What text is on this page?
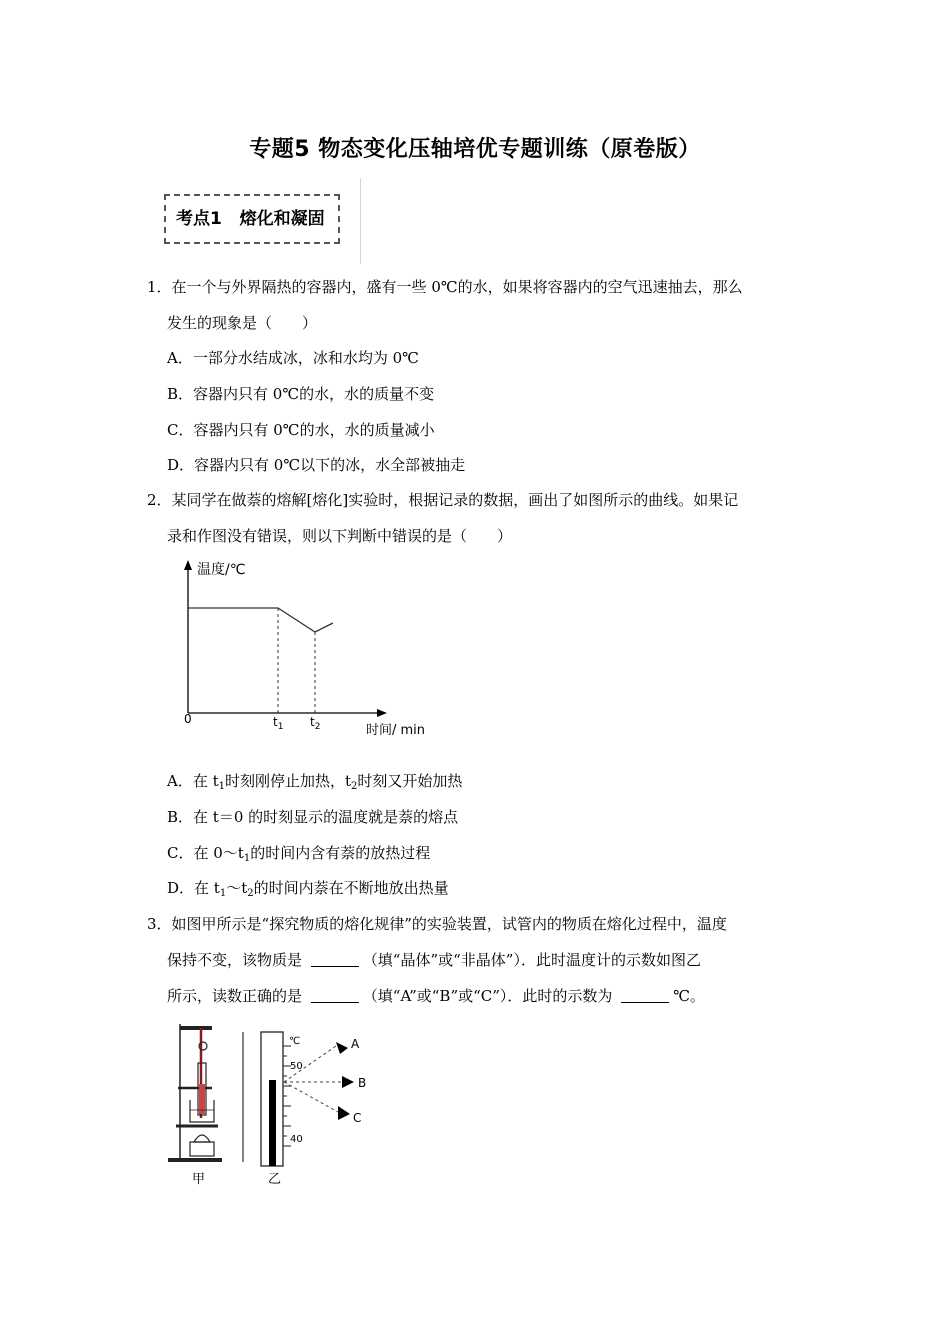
专题5 物态变化压轴培优专题训练（原卷版）
考点1 熔化和凝固
1．在一个与外界隔热的容器内，盛有一些 0℃的水，如果将容器内的空气迅速抽去，那么
发生的现象是（　　）
A．一部分水结成冰，冰和水均为 0℃
B．容器内只有 0℃的水，水的质量不变
C．容器内只有 0℃的水，水的质量减小
D．容器内只有 0℃以下的冰，水全部被抽走
2．某同学在做萘的熔解[熔化]实验时，根据记录的数据，画出了如图所示的曲线。如果记
录和作图没有错误，则以下判断中错误的是（　　）
温度/℃
0	$t_1$ $t_2$	时间/ min
A．在 $t_1$时刻刚停止加热，$t_2$时刻又开始加热
B．在 t＝0 的时刻显示的温度就是萘的熔点
C．在 $0\sim t_1$的时间内含有萘的放热过程
D．在 $t_1\sim t_2$的时间内萘在不断地放出热量
3．如图甲所示是“探究物质的熔化规律”的实验装置，试管内的物质在熔化过程中，温度
保持不变，该物质是	（填“晶体”或“非晶体”）．此时温度计的示数如图乙
所示，读数正确的是	（填“A”或“B”或“C”）．此时的示数为	℃。
甲
℃
50
40
A
B
C
乙
